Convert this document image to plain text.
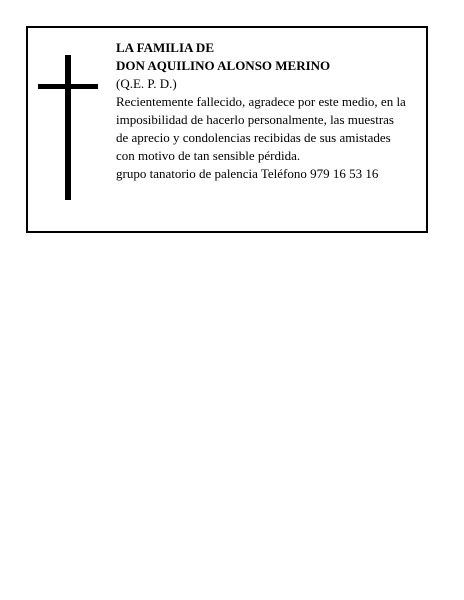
LA FAMILIA DE
DON AQUILINO ALONSO MERINO
(Q.E. P. D.)
Recientemente fallecido, agradece por este medio, en la
imposibilidad de hacerlo personalmente, las muestras
de aprecio y condolencias recibidas de sus amistades
con motivo de tan sensible pérdida.
grupo tanatorio de palencia Teléfono 979 16 53 16
